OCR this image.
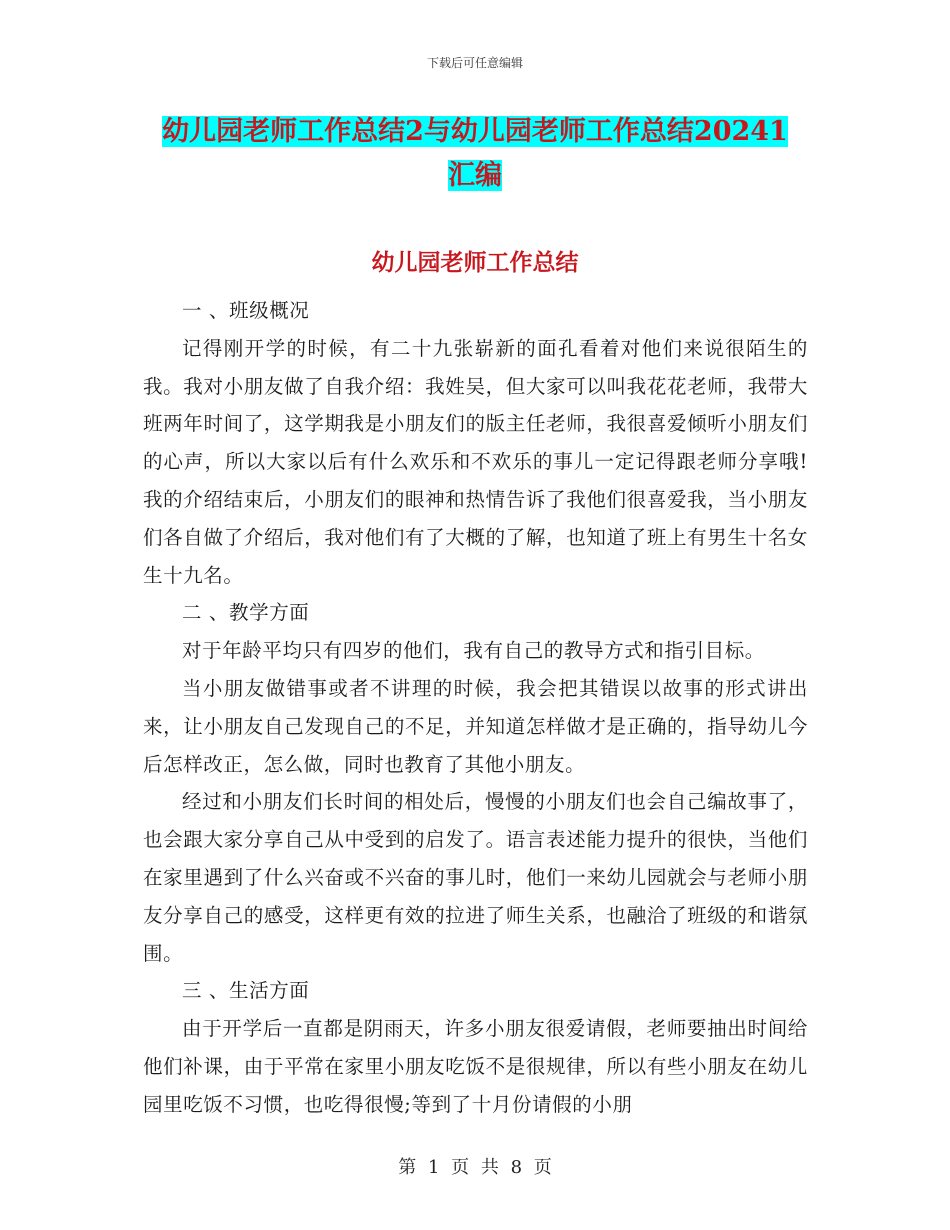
下载后可任意编辑
幼儿园老师工作总结2与幼儿园老师工作总结20241
汇编
幼儿园老师工作总结

一 、班级概况

记得刚开学的时候，有二十九张崭新的面孔看着对他们来说很陌生的我。我对小朋友做了自我介绍：我姓吴，但大家可以叫我花花老师，我带大班两年时间了，这学期我是小朋友们的版主任老师，我很喜爱倾听小朋友们的心声，所以大家以后有什么欢乐和不欢乐的事儿一定记得跟老师分享哦!我的介绍结束后，小朋友们的眼神和热情告诉了我他们很喜爱我，当小朋友们各自做了介绍后，我对他们有了大概的了解，也知道了班上有男生十名女生十九名。

二 、教学方面

对于年龄平均只有四岁的他们，我有自己的教导方式和指引目标。

当小朋友做错事或者不讲理的时候，我会把其错误以故事的形式讲出来，让小朋友自己发现自己的不足，并知道怎样做才是正确的，指导幼儿今后怎样改正，怎么做，同时也教育了其他小朋友。

经过和小朋友们长时间的相处后，慢慢的小朋友们也会自己编故事了，也会跟大家分享自己从中受到的启发了。语言表述能力提升的很快，当他们在家里遇到了什么兴奋或不兴奋的事儿时，他们一来幼儿园就会与老师小朋友分享自己的感受，这样更有效的拉进了师生关系，也融洽了班级的和谐氛围。

三 、生活方面

由于开学后一直都是阴雨天，许多小朋友很爱请假，老师要抽出时间给他们补课，由于平常在家里小朋友吃饭不是很规律，所以有些小朋友在幼儿园里吃饭不习惯，也吃得很慢;等到了十月份请假的小朋

第 1 页 共 8 页
